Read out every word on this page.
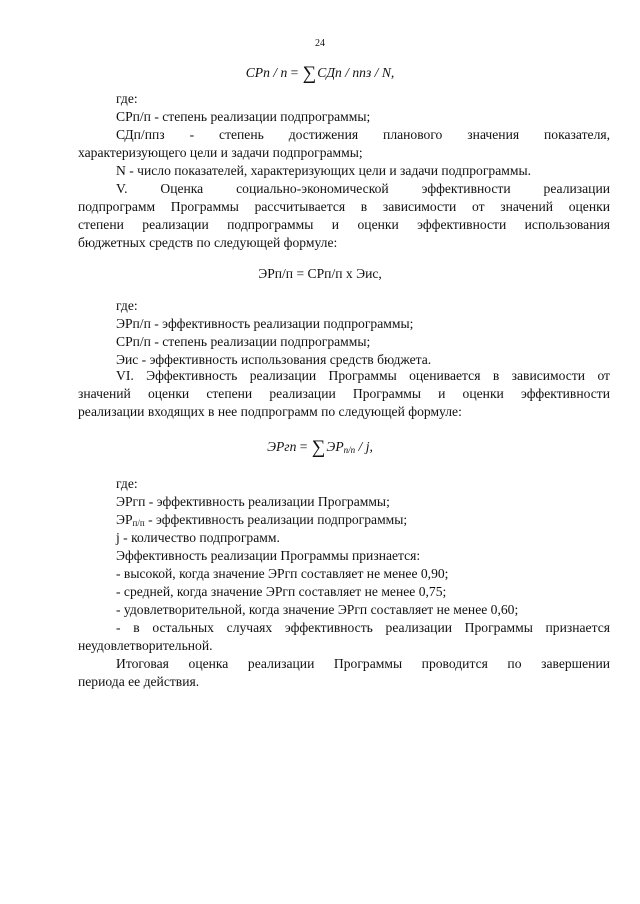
24
СРп / n = ∑СДп / ппз / N,
где:
СРп/п - степень реализации подпрограммы;
СДп/ппз - степень достижения планового значения показателя,
характеризующего цели и задачи подпрограммы;
N - число показателей, характеризующих цели и задачи подпрограммы.
V. Оценка социально-экономической эффективности реализации
подпрограмм Программы рассчитывается в зависимости от значений оценки
степени реализации подпрограммы и оценки эффективности использования
бюджетных средств по следующей формуле:
ЭРп/п = СРп/п х Эис,
где:
ЭРп/п - эффективность реализации подпрограммы;
СРп/п - степень реализации подпрограммы;
Эис - эффективность использования средств бюджета.
VI. Эффективность реализации Программы оценивается в зависимости от
значений оценки степени реализации Программы и оценки эффективности
реализации входящих в нее подпрограмм по следующей формуле:
ЭРгп = $\sum ЭР_{п/п}$ / j,
где:
ЭРгп - эффективность реализации Программы;
$ЭР_{п/п}$ - эффективность реализации подпрограммы;
j - количество подпрограмм.
Эффективность реализации Программы признается:
- высокой, когда значение ЭРгп составляет не менее 0,90;
- средней, когда значение ЭРгп составляет не менее 0,75;
- удовлетворительной, когда значение ЭРгп составляет не менее 0,60;
- в остальных случаях эффективность реализации Программы признается
неудовлетворительной.
Итоговая оценка реализации Программы проводится по завершении
периода ее действия.
